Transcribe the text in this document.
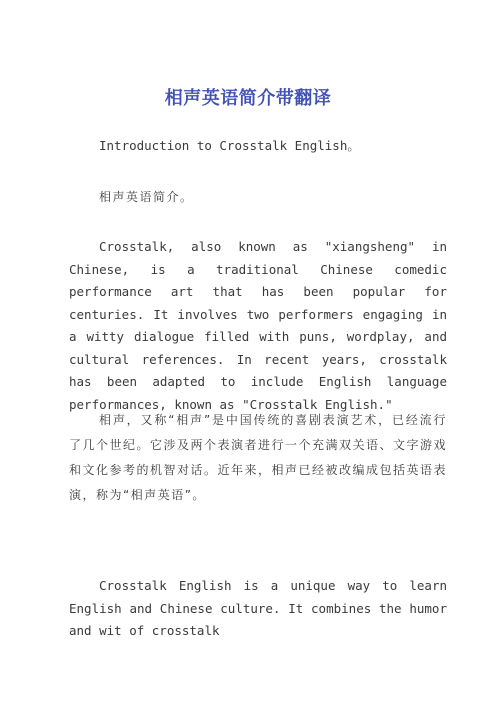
相声英语简介带翻译
Introduction to Crosstalk English。
相声英语简介。
Crosstalk, also known as "xiangsheng" in Chinese, is a traditional Chinese comedic performance art that has been popular for centuries. It involves two performers engaging in a witty dialogue filled with puns, wordplay, and cultural references. In recent years, crosstalk has been adapted to include English language performances, known as "Crosstalk English."
相声，又称“相声”是中国传统的喜剧表演艺术，已经流行了几个世纪。它涉及两个表演者进行一个充满双关语、文字游戏和文化参考的机智对话。近年来，相声已经被改编成包括英语表演，称为“相声英语”。
Crosstalk English is a unique way to learn English and Chinese culture. It combines the humor and wit of crosstalk
